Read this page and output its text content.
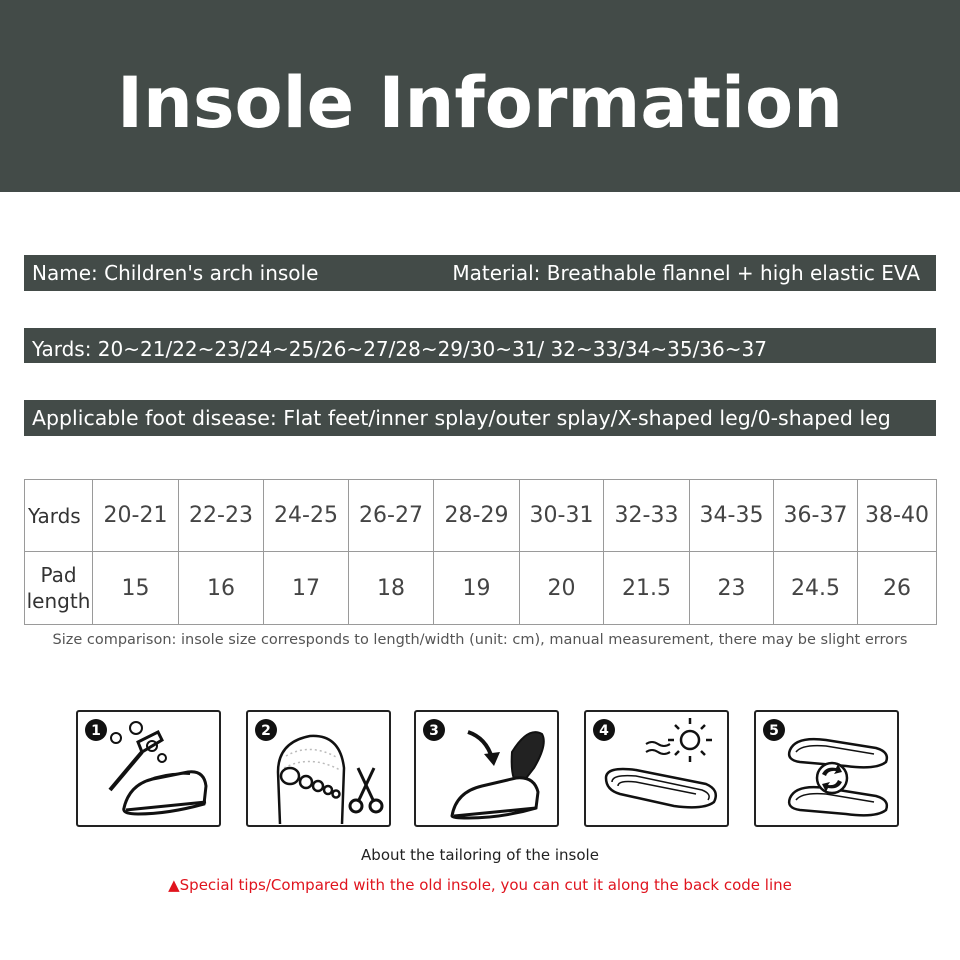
Insole Information
Name: Children's arch insole	Material: Breathable flannel + high elastic EVA
Yards: 20~21/22~23/24~25/26~27/28~29/30~31/ 32~33/34~35/36~37
Applicable foot disease: Flat feet/inner splay/outer splay/X-shaped leg/0-shaped leg
Yards	20-21	22-23	24-25	26-27	28-29	30-31	32-33	34-35	36-37	38-40

Pad
length	15	16	17	18	19	20	21.5	23	24.5	26
Size comparison: insole size corresponds to length/width (unit: cm), manual measurement, there may be slight errors
1	2	3	4	5
About the tailoring of the insole
▲Special tips/Compared with the old insole, you can cut it along the back code line
